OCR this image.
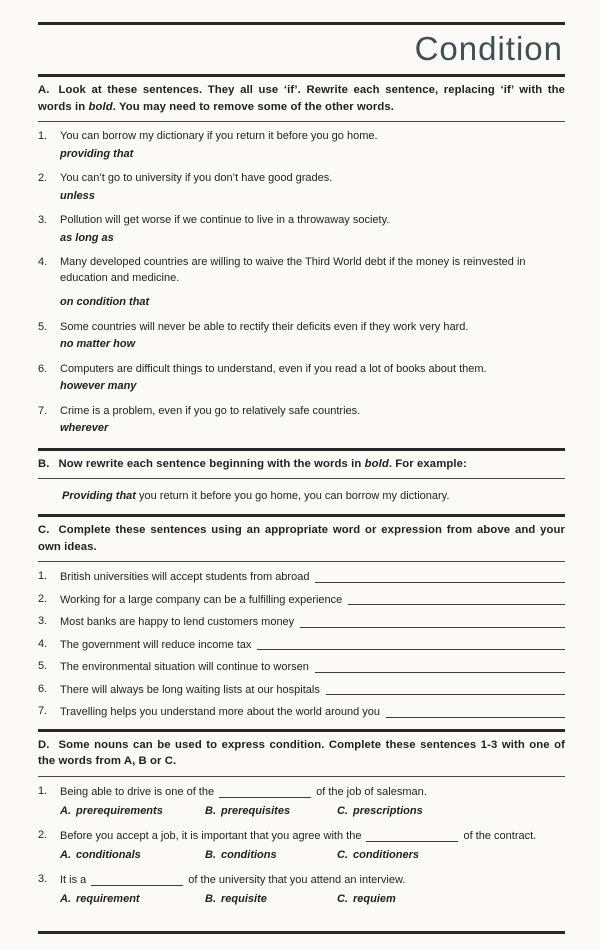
Condition
A. Look at these sentences. They all use ‘if’. Rewrite each sentence, replacing ‘if’ with the words in bold. You may need to remove some of the other words.
1.	You can borrow my dictionary if you return it before you go home.
providing that
2.	You can’t go to university if you don’t have good grades.
unless
3.	Pollution will get worse if we continue to live in a throwaway society.
as long as
4.	Many developed countries are willing to waive the Third World debt if the money is reinvested in education and medicine.
on condition that
5.	Some countries will never be able to rectify their deficits even if they work very hard.
no matter how
6.	Computers are difficult things to understand, even if you read a lot of books about them.
however many
7.	Crime is a problem, even if you go to relatively safe countries.
wherever
B. Now rewrite each sentence beginning with the words in bold. For example:
Providing that you return it before you go home, you can borrow my dictionary.
C. Complete these sentences using an appropriate word or expression from above and your own ideas.
1.	British universities will accept students from abroad
2.	Working for a large company can be a fulfilling experience
3.	Most banks are happy to lend customers money
4.	The government will reduce income tax
5.	The environmental situation will continue to worsen
6.	There will always be long waiting lists at our hospitals
7.	Travelling helps you understand more about the world around you
D. Some nouns can be used to express condition. Complete these sentences 1-3 with one of the words from A, B or C.
1.	Being able to drive is one of the	of the job of salesman.
A. prerequirements	B. prerequisites	C. prescriptions
2.	Before you accept a job, it is important that you agree with the	of the contract.
A. conditionals	B. conditions	C. conditioners
3.	It is a	of the university that you attend an interview.
A. requirement	B. requisite	C. requiem
